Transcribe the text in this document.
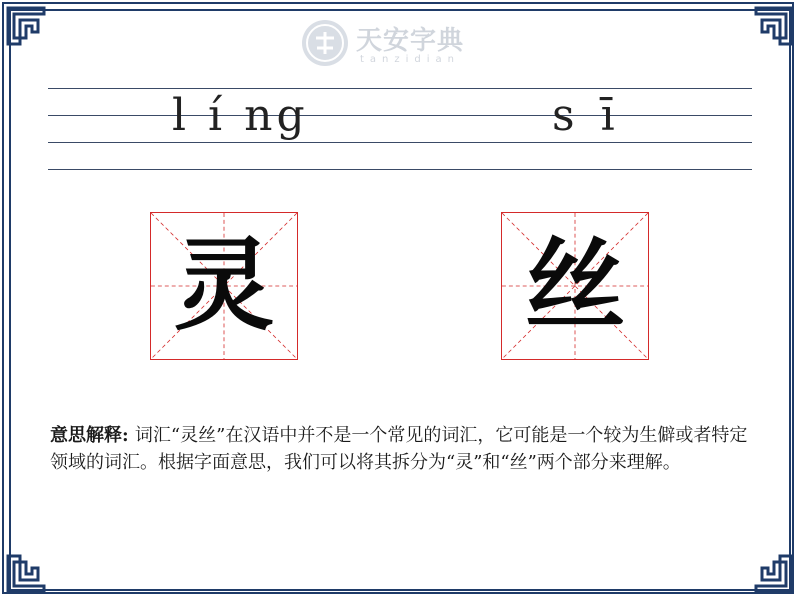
天安字典
tanzidian
l í ng	s ī
灵	丝
意思解释: 词汇“灵丝”在汉语中并不是一个常见的词汇，它可能是一个较为生僻或者特定领域的词汇。根据字面意思，我们可以将其拆分为“灵”和“丝”两个部分来理解。
